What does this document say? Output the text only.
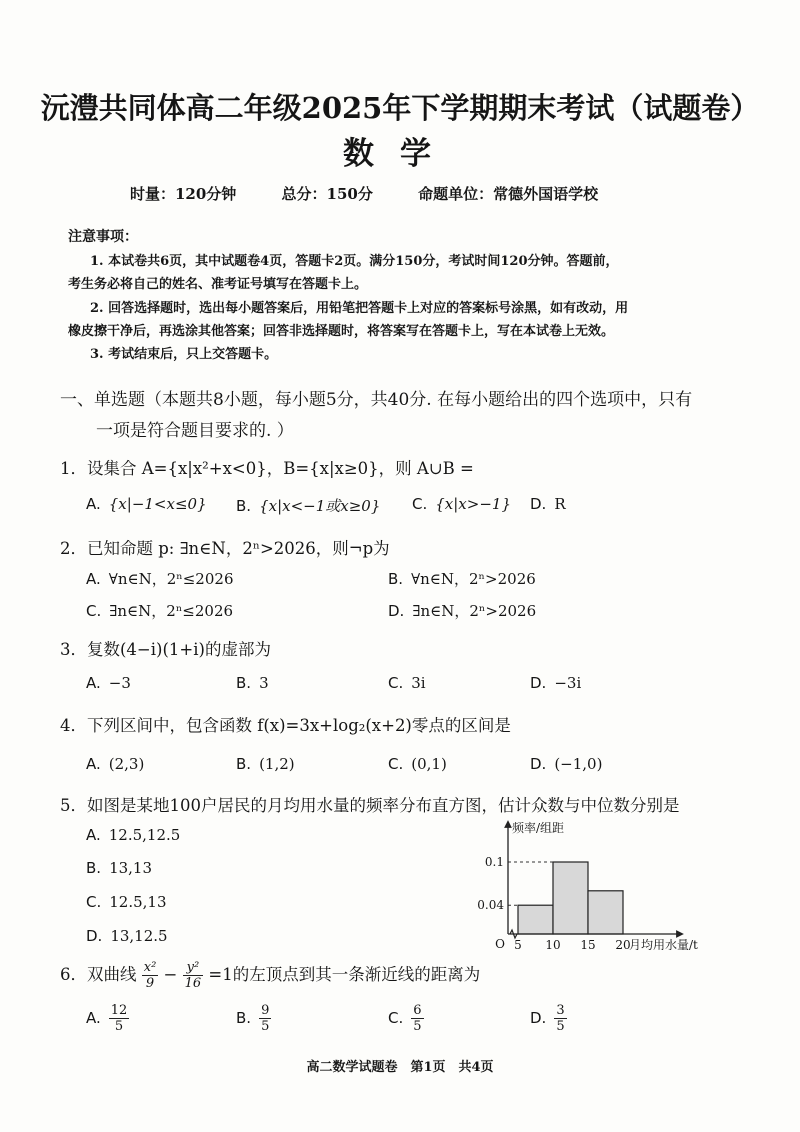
沅澧共同体高二年级2025年下学期期末考试（试题卷）
数学
时量：120分钟	总分：150分	命题单位：常德外国语学校
注意事项：
1. 本试卷共6页，其中试题卷4页，答题卡2页。满分150分，考试时间120分钟。答题前，
考生务必将自己的姓名、准考证号填写在答题卡上。
2. 回答选择题时，选出每小题答案后，用铅笔把答题卡上对应的答案标号涂黑，如有改动，用
橡皮擦干净后，再选涂其他答案；回答非选择题时，将答案写在答题卡上，写在本试卷上无效。
3. 考试结束后，只上交答题卡。
一、单选题（本题共8小题，每小题5分，共40分. 在每小题给出的四个选项中，只有
一项是符合题目要求的. ）
1．设集合 A={x|x²+x<0}，B={x|x≥0}，则 A∪B =
A. {x|−1<x≤0} B. {x|x<−1或x≥0} C. {x|x>−1} D. R
2．已知命题 p: ∃n∈N，2ⁿ>2026，则¬p为
A. ∀n∈N，2ⁿ≤2026	B. ∀n∈N，2ⁿ>2026
C. ∃n∈N，2ⁿ≤2026	D. ∃n∈N，2ⁿ>2026
3．复数(4−i)(1+i)的虚部为
A. −3	B. 3	C. 3i	D. −3i
4．下列区间中，包含函数 f(x)=3x+log₂(x+2)零点的区间是
A. (2,3)	B. (1,2)	C. (0,1)	D. (−1,0)
5．如图是某地100户居民的月均用水量的频率分布直方图，估计众数与中位数分别是
A. 12.5,12.5
B. 13,13
C. 12.5,13
D. 13,12.5
0.1
0.04
5 10 15 20
O
频率/组距
月均用水量/t
6．双曲线 $\frac{\text{x²}}{9} - \frac{\text{y²}}{16} =1$的左顶点到其一条渐近线的距离为
A. $\frac{12}{5}$	B. $\frac{9}{5}$	C. $\frac{6}{5}$	D. $\frac{3}{5}$
高二数学试题卷　第1页　共4页
